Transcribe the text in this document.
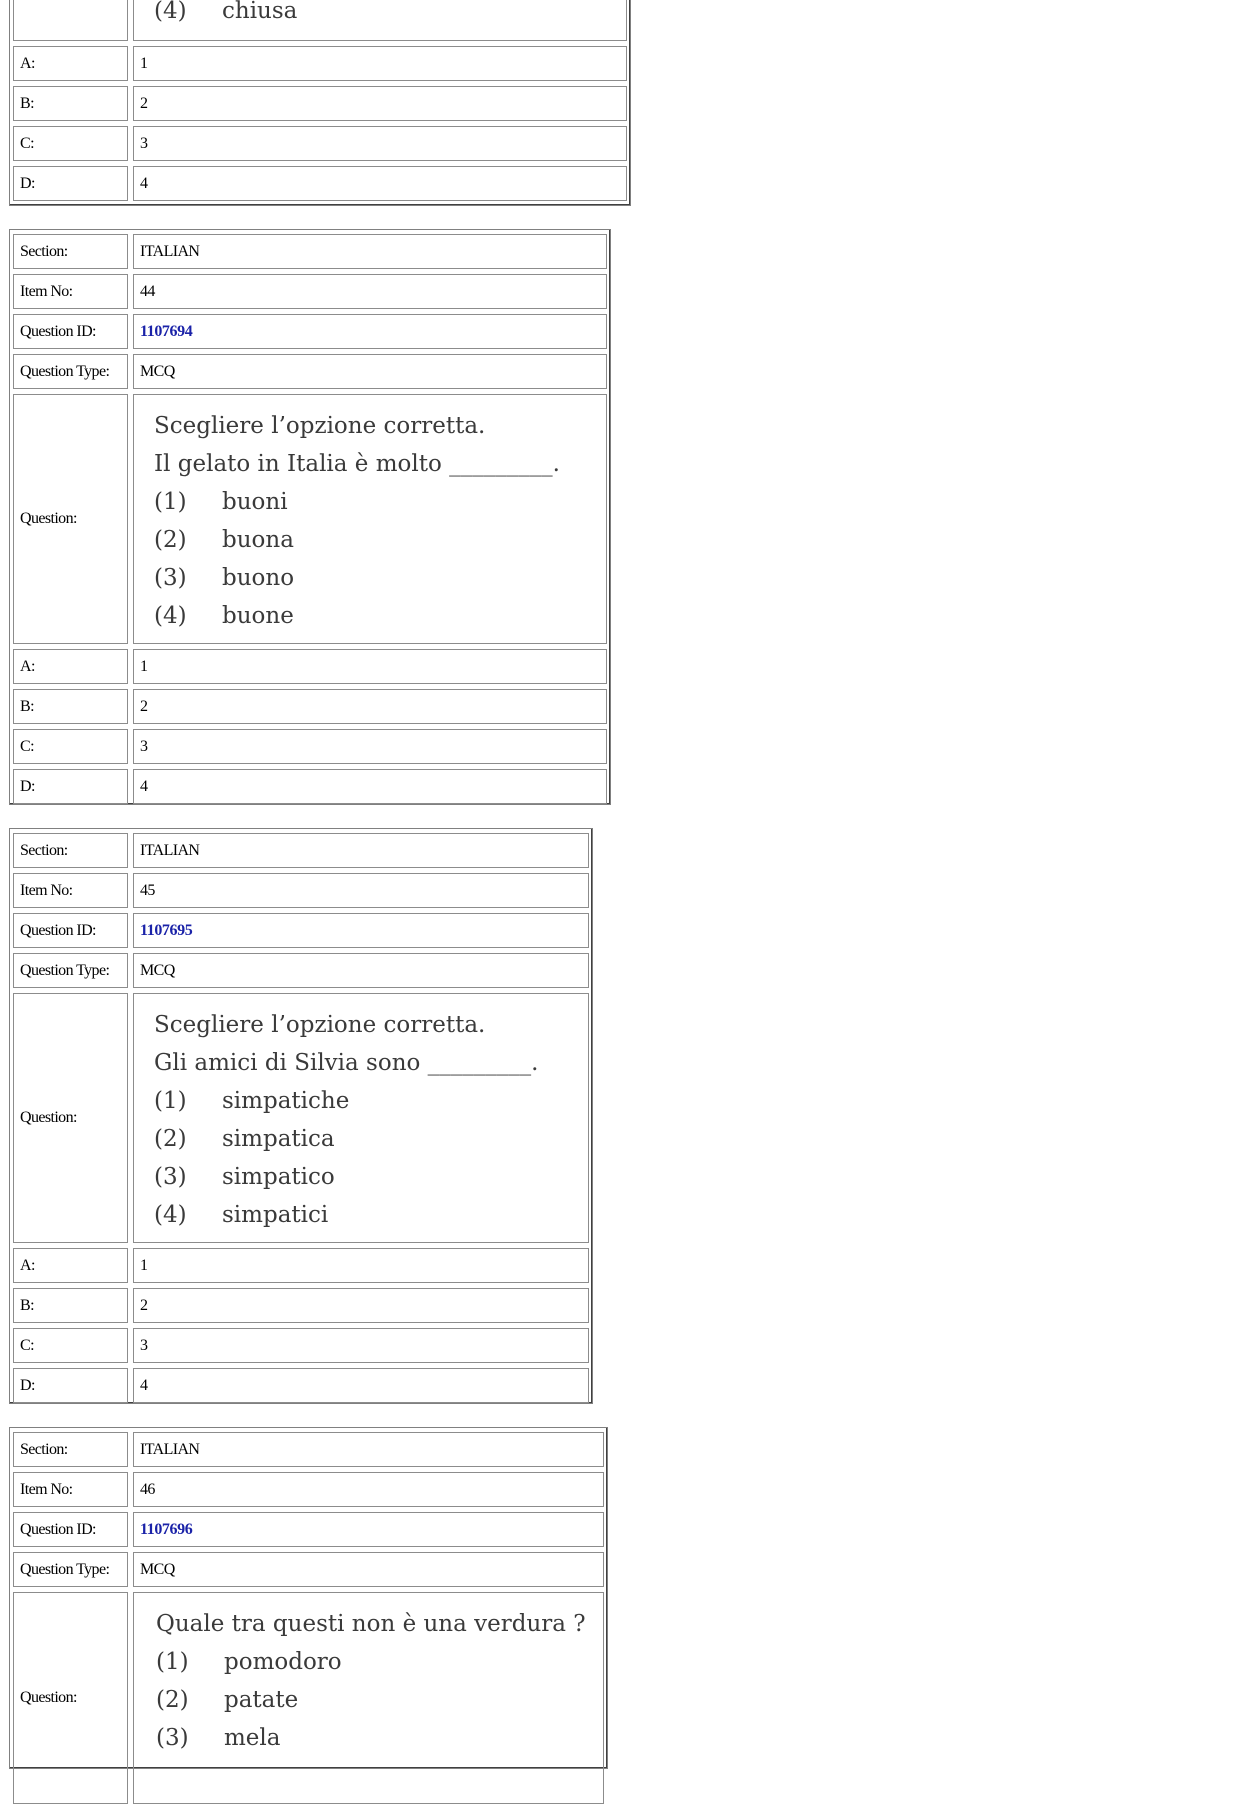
(4) chiusa
A:	1
B:	2
C:	3
D:	4
Section:	ITALIAN
Item No:	44
Question ID:	1107694
Question Type:	MCQ
Question:
Scegliere l’opzione corretta.
Il gelato in Italia è molto _________.
(1) buoni
(2) buona
(3) buono
(4) buone
A:	1
B:	2
C:	3
D:	4
Section:	ITALIAN
Item No:	45
Question ID:	1107695
Question Type:	MCQ
Question:
Scegliere l’opzione corretta.
Gli amici di Silvia sono _________.
(1) simpatiche
(2) simpatica
(3) simpatico
(4) simpatici
A:	1
B:	2
C:	3
D:	4
Section:	ITALIAN
Item No:	46
Question ID:	1107696
Question Type:	MCQ
Question:
Quale tra questi non è una verdura ?
(1) pomodoro
(2) patate
(3) mela
